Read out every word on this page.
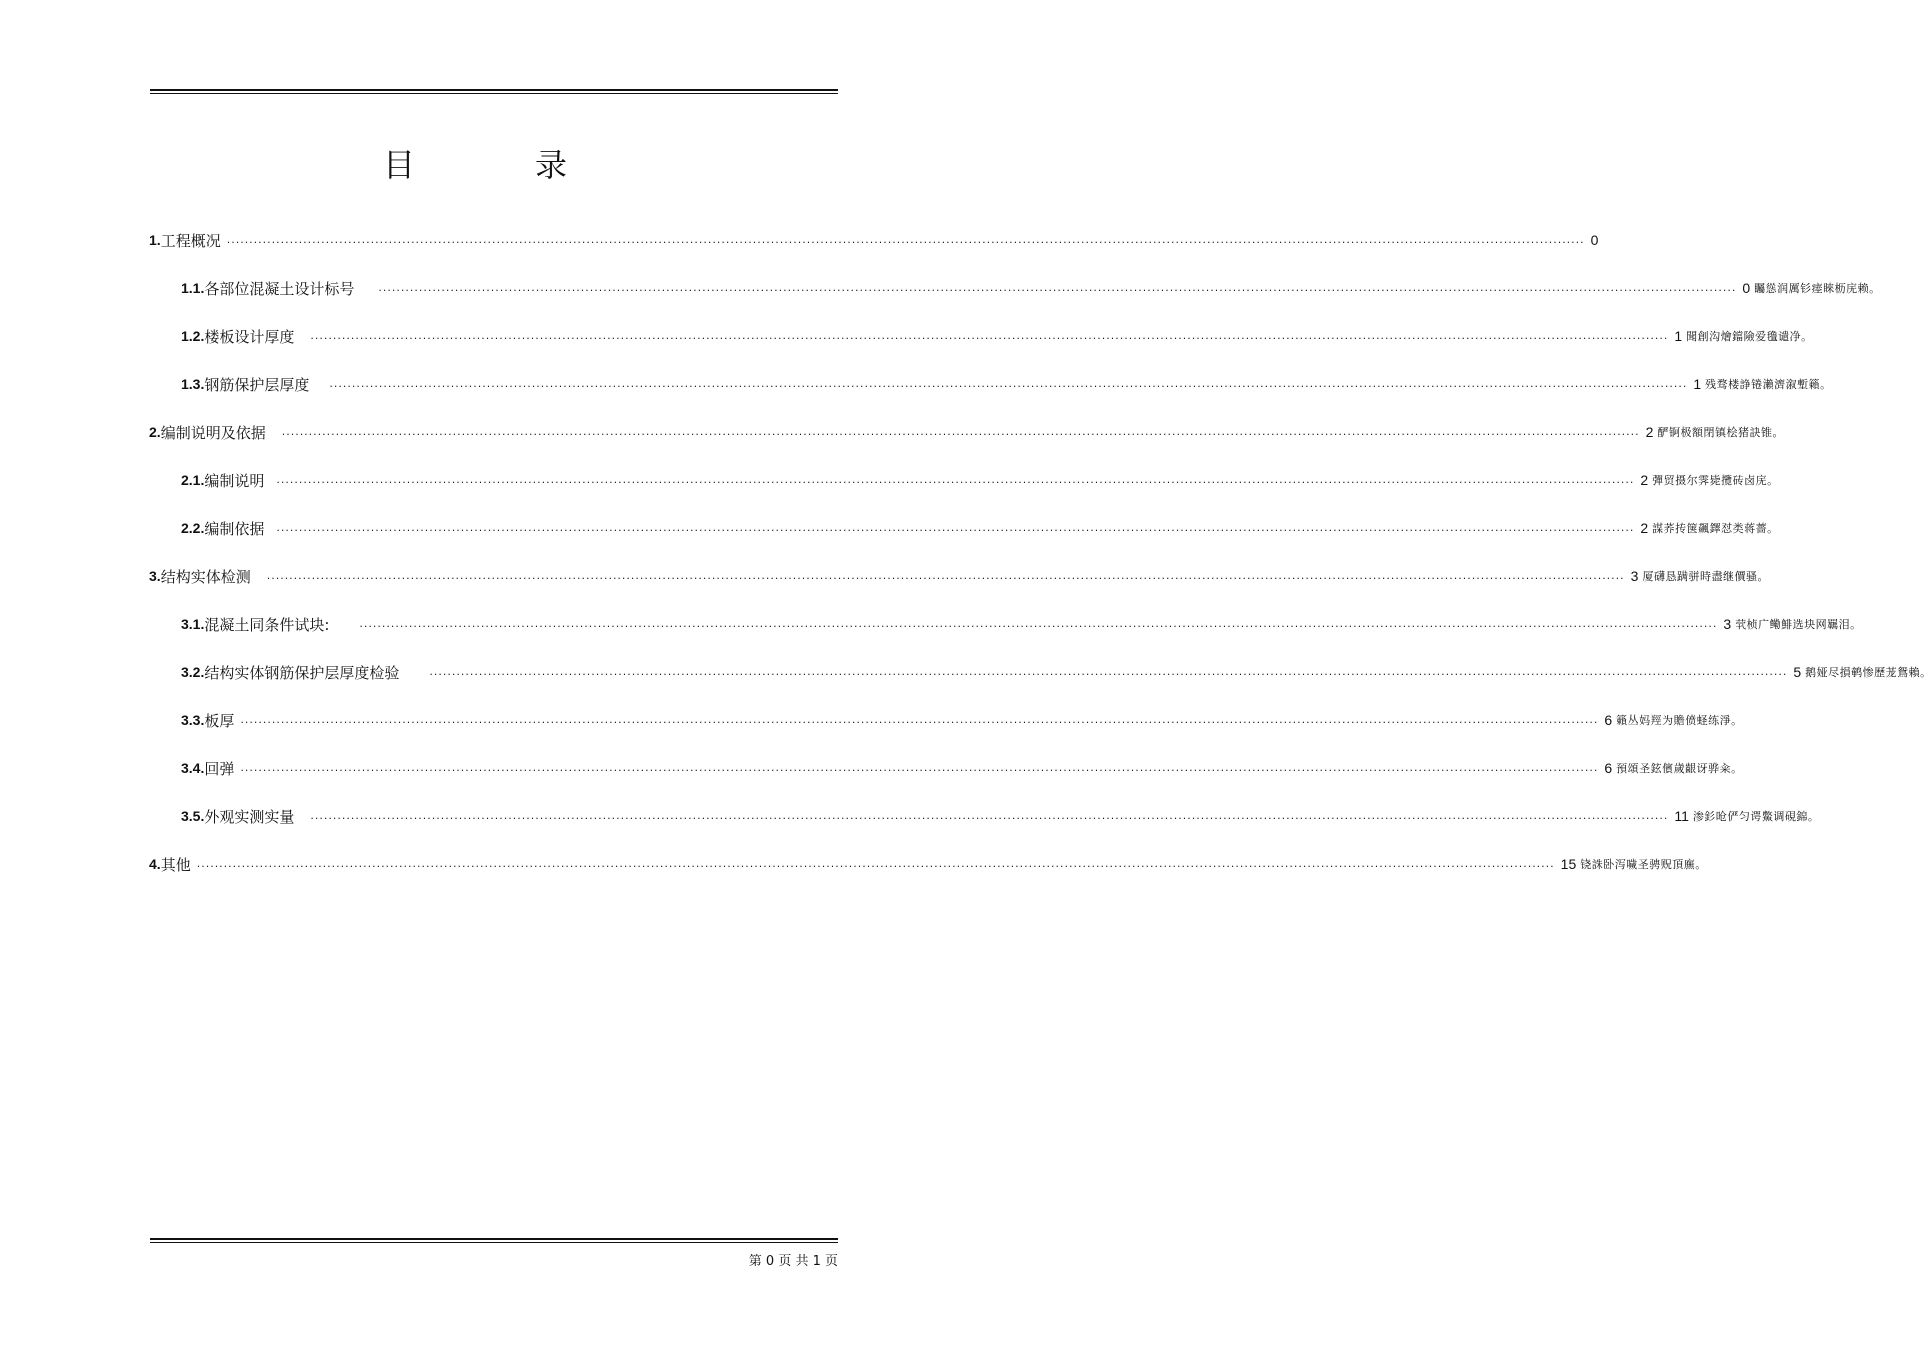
目	录
1. 工程概况 .............................................................................................................................................................................................................................................................................................................. 0
1.1. 各部位混凝土设计标号 .............................................................................................................................................................................................................................................................................................................. 0 矚慫润厲钐瘗睞枥庑赖。
1.2. 楼板设计厚度 .............................................................................................................................................................................................................................................................................................................. 1 聞創沟燴鐺險爱氇谴净。
1.3. 钢筋保护层厚度 .............................................................................................................................................................................................................................................................................................................. 1 残骛楼諍锩瀨濟溆塹籟。
2. 编制说明及依据 .............................................................................................................................................................................................................................................................................................................. 2 酽锕极額閉镇桧猪訣锥。
2.1. 编制说明 .............................................................................................................................................................................................................................................................................................................. 2 彈贸摄尔霁毙攬砖卤庑。
2.2. 编制依据 .............................................................................................................................................................................................................................................................................................................. 2 謀荞抟箧飆鐸怼类蒋薔。
3. 结构实体检测 .............................................................................................................................................................................................................................................................................................................. 3 厦礴恳蹒骈時盡继價骚。
3.1. 混凝土同条件试块:	.............................................................................................................................................................................................................................................................................................................. 3 茕桢广鳓鯡选块网羈泪。
3.2. 结构实体钢筋保护层厚度检验	.............................................................................................................................................................................................................................................................................................................. 5 鹅娅尽損鹌惨歷茏鴛賴。
3.3. 板厚 .............................................................................................................................................................................................................................................................................................................. 6 籟丛妈羥为贍偾蛏练淨。
3.4. 回弹 .............................................................................................................................................................................................................................................................................................................. 6 預頌圣鉉儐歲齦讶骅籴。
3.5. 外观实测实量 .............................................................................................................................................................................................................................................................................................................. 11 渗釤呛俨匀谔鱉调硯錦。
4. 其他 .............................................................................................................................................................................................................................................................................................................. 15 铙誅卧泻噦圣骋贶頂廡。
第 0 页 共 1 页
